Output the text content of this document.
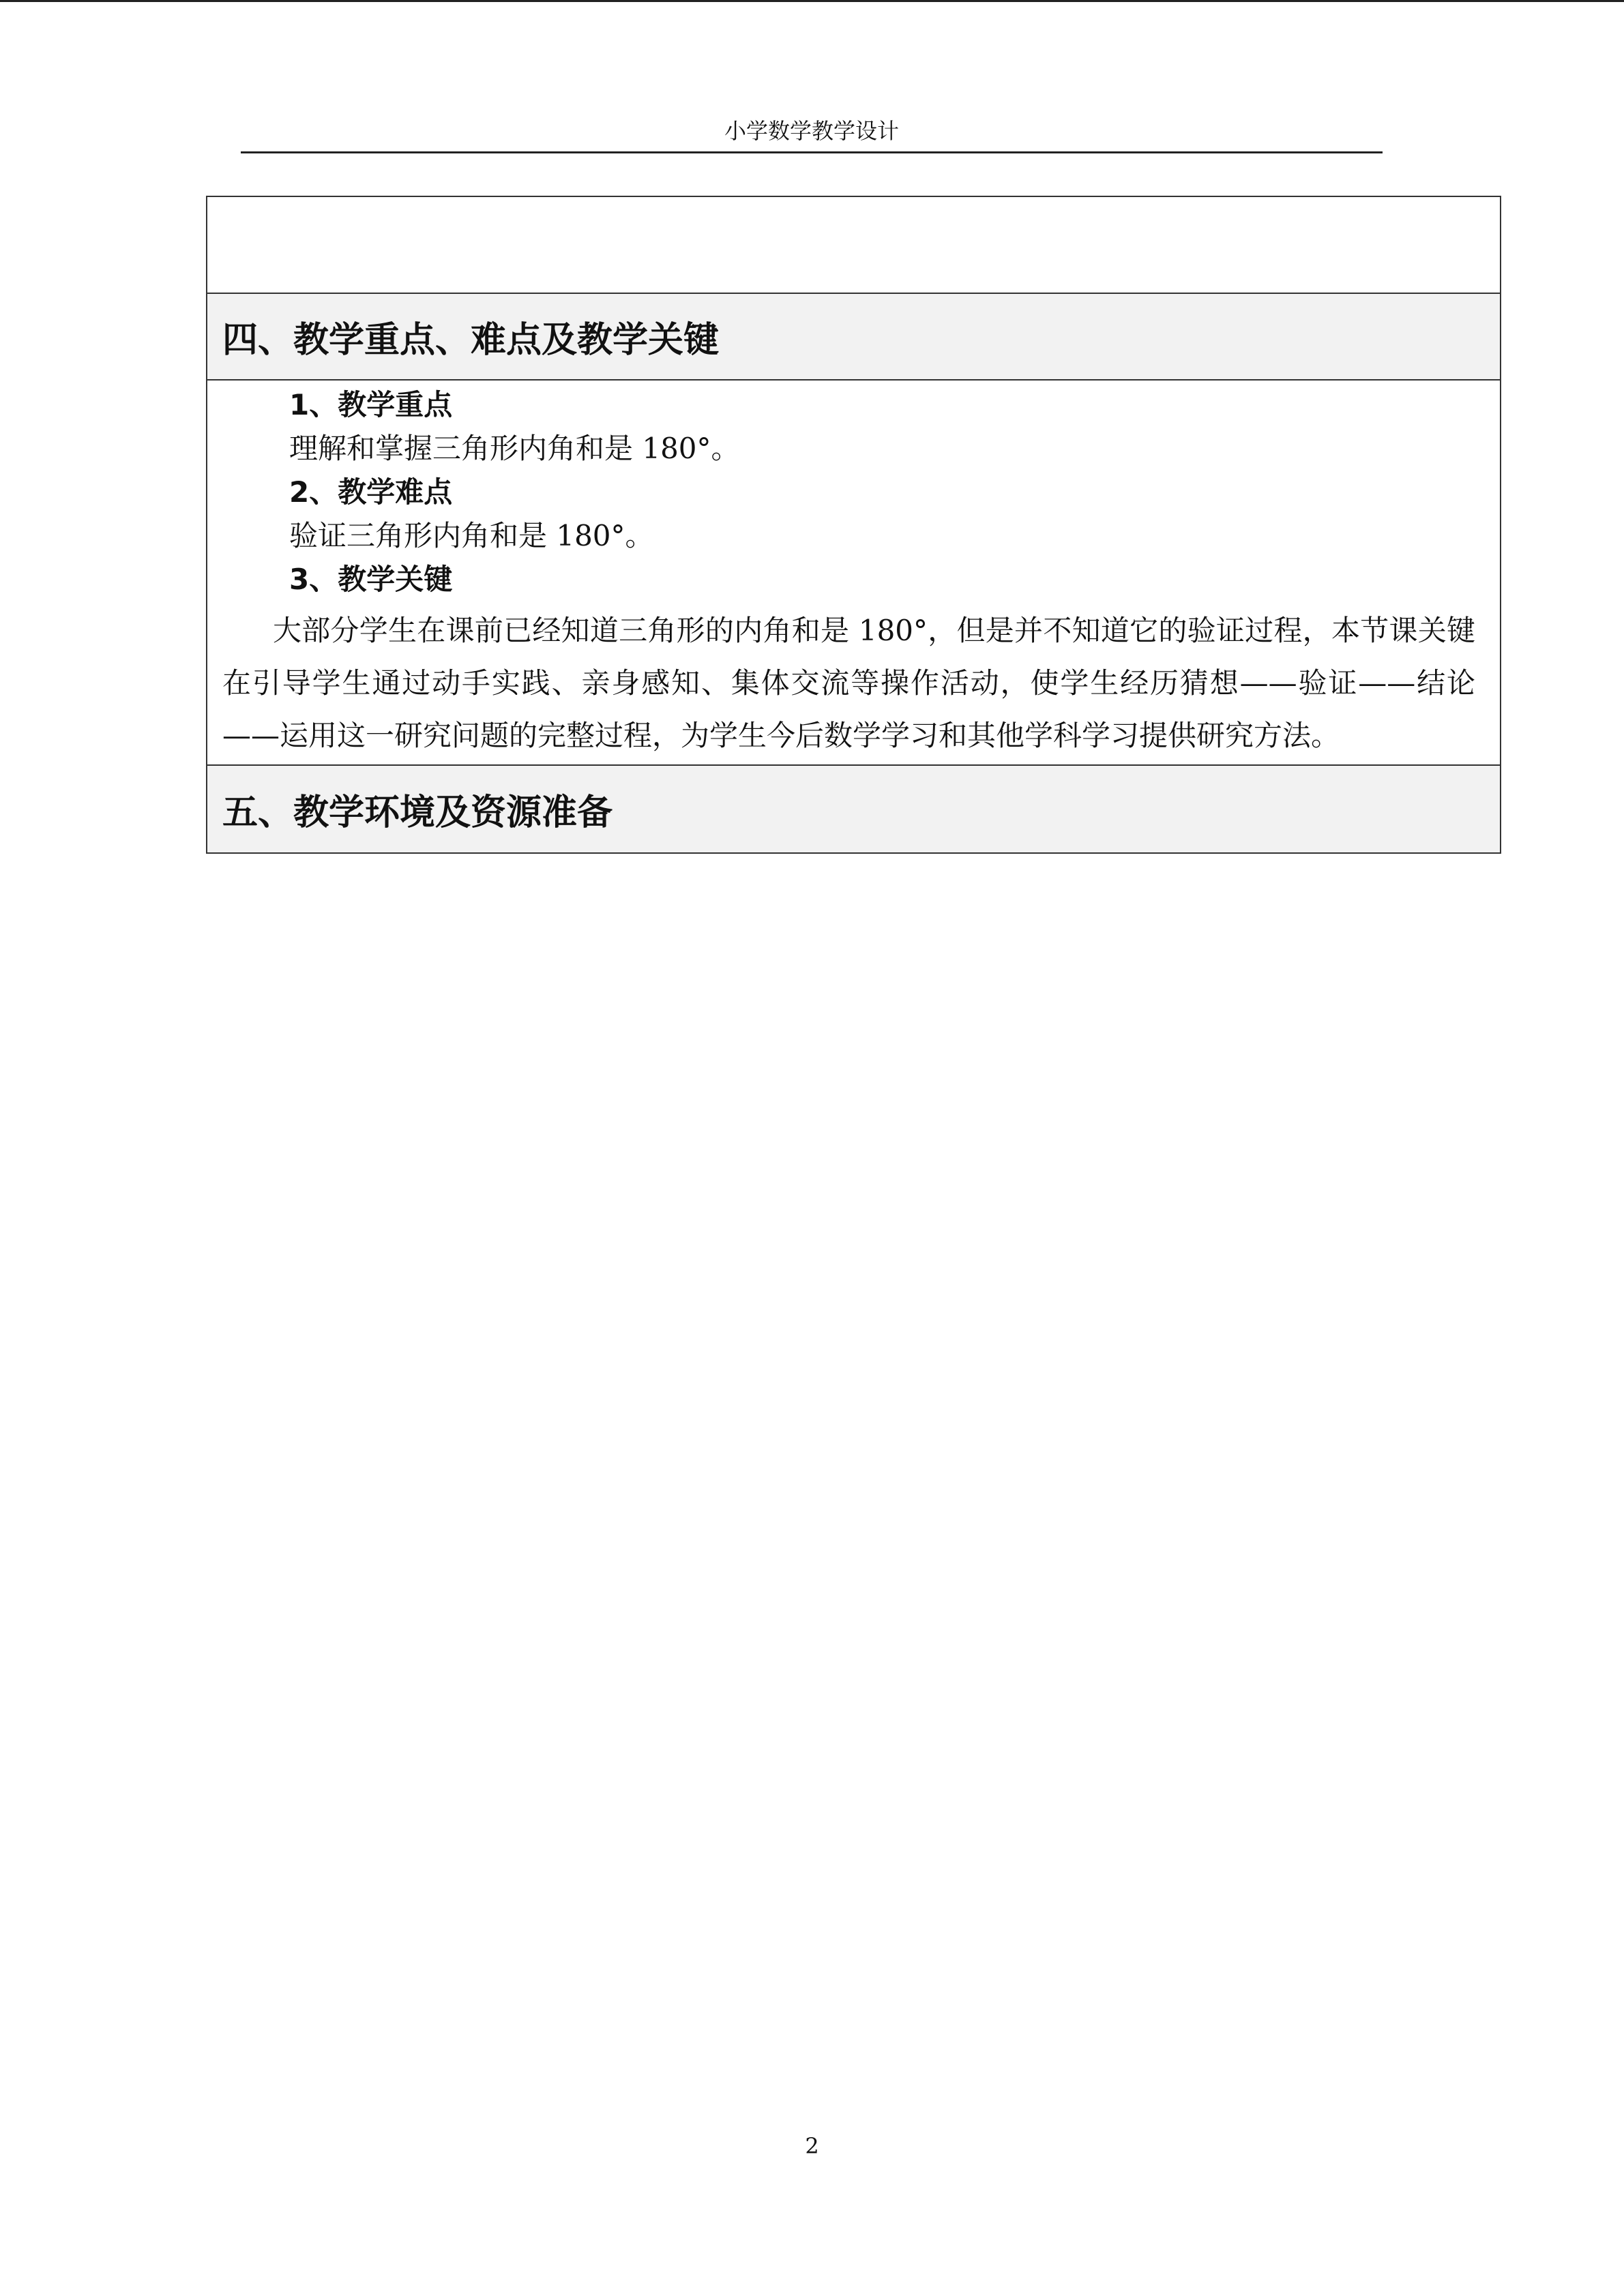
小学数学教学设计
四、教学重点、难点及教学关键
1、教学重点
理解和掌握三角形内角和是 180°。
2、教学难点
验证三角形内角和是 180°。
3、教学关键
大部分学生在课前已经知道三角形的内角和是 180°，但是并不知道它的验证过程，本节课关键在引导学生通过动手实践、亲身感知、集体交流等操作活动，使学生经历猜想——验证——结论——运用这一研究问题的完整过程，为学生今后数学学习和其他学科学习提供研究方法。
五、教学环境及资源准备
2
